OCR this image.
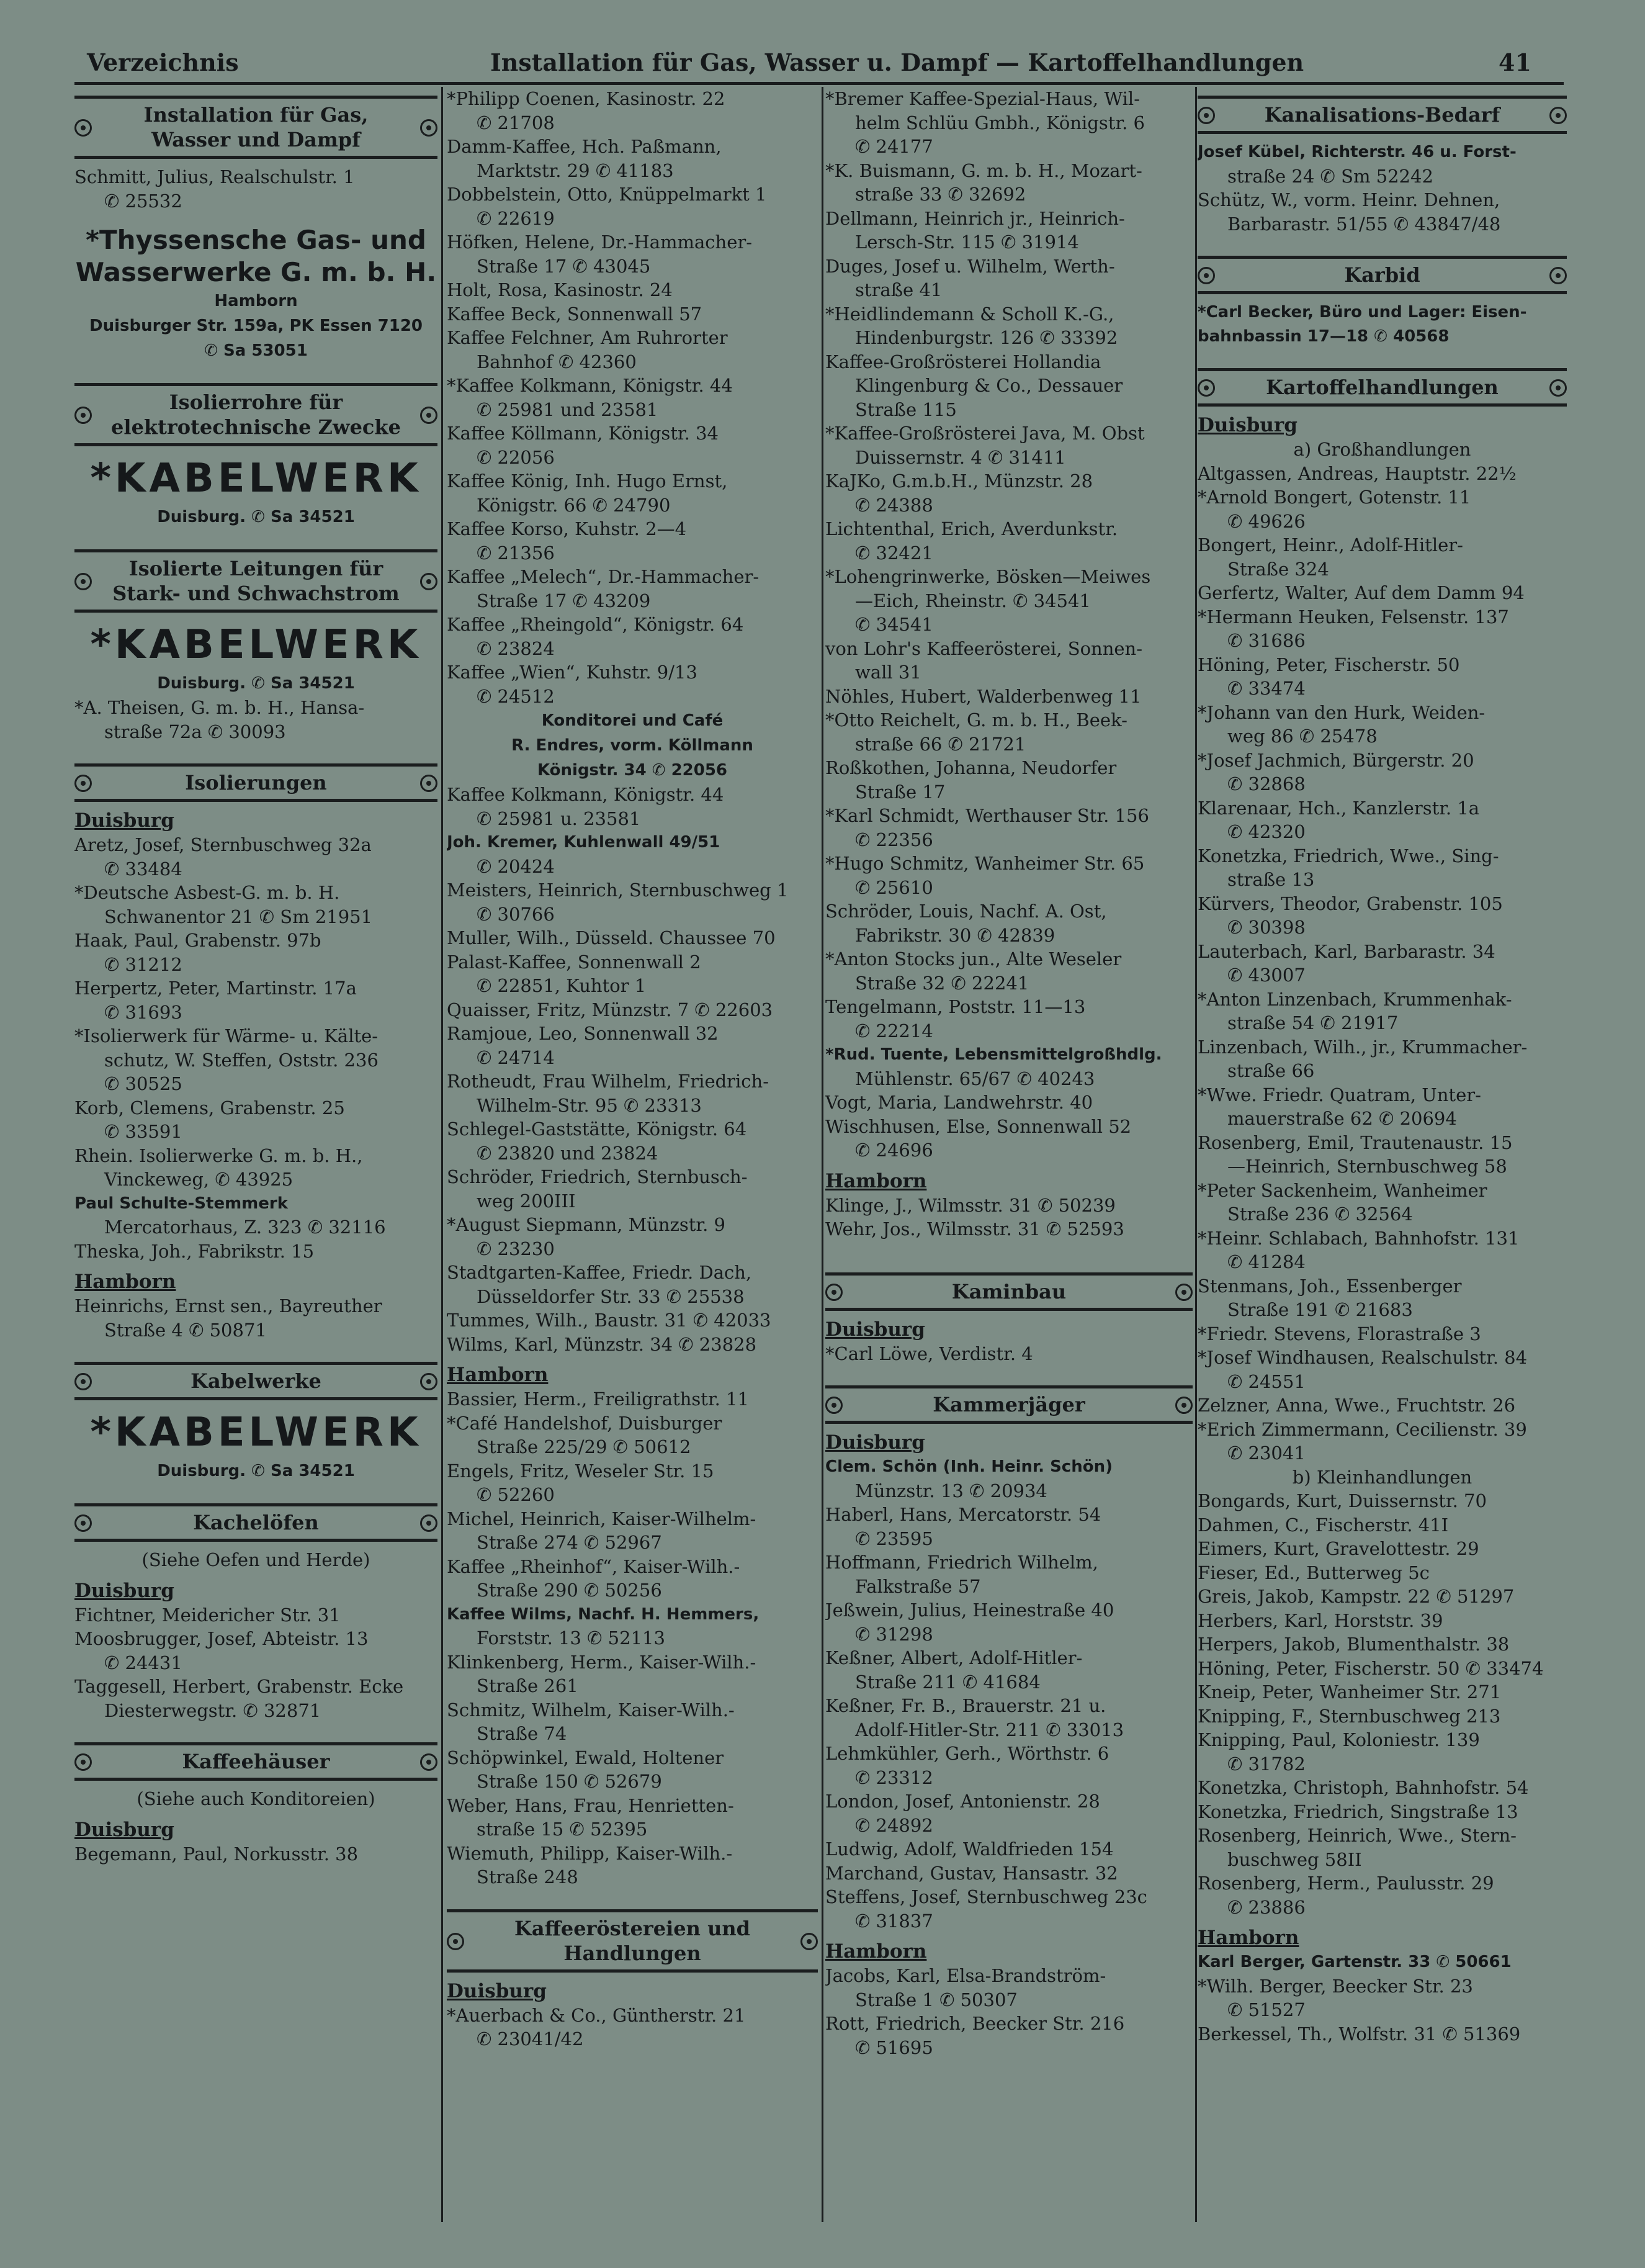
Verzeichnis	Installation für Gas, Wasser u. Dampf — Kartoffelhandlungen	41
Installation für Gas,
Wasser und Dampf
Schmitt, Julius, Realschulstr. 1
✆ 25532
*Thyssensche Gas- und
Wasserwerke G. m. b. H.
Hamborn
Duisburger Str. 159a, PK Essen 7120
✆ Sa 53051
Isolierrohre für
elektrotechnische Zwecke
*KABELWERK
Duisburg. ✆ Sa 34521
Isolierte Leitungen für
Stark- und Schwachstrom
*KABELWERK
Duisburg. ✆ Sa 34521
*A. Theisen, G. m. b. H., Hansa-
straße 72a ✆ 30093
Isolierungen
Duisburg
Aretz, Josef, Sternbuschweg 32a
✆ 33484
*Deutsche Asbest-G. m. b. H.
Schwanentor 21 ✆ Sm 21951
Haak, Paul, Grabenstr. 97b
✆ 31212
Herpertz, Peter, Martinstr. 17a
✆ 31693
*Isolierwerk für Wärme- u. Kälte-
schutz, W. Steffen, Oststr. 236
✆ 30525
Korb, Clemens, Grabenstr. 25
✆ 33591
Rhein. Isolierwerke G. m. b. H.,
Vinckeweg, ✆ 43925
Paul Schulte-Stemmerk
Mercatorhaus, Z. 323 ✆ 32116
Theska, Joh., Fabrikstr. 15
Hamborn
Heinrichs, Ernst sen., Bayreuther
Straße 4 ✆ 50871
Kabelwerke
*KABELWERK
Duisburg. ✆ Sa 34521
Kachelöfen
(Siehe Oefen und Herde)
Duisburg
Fichtner, Meidericher Str. 31
Moosbrugger, Josef, Abteistr. 13
✆ 24431
Taggesell, Herbert, Grabenstr. Ecke
Diesterwegstr. ✆ 32871
Kaffeehäuser
(Siehe auch Konditoreien)
Duisburg
Begemann, Paul, Norkusstr. 38
*Philipp Coenen, Kasinostr. 22
✆ 21708
Damm-Kaffee, Hch. Paßmann,
Marktstr. 29 ✆ 41183
Dobbelstein, Otto, Knüppelmarkt 1
✆ 22619
Höfken, Helene, Dr.-Hammacher-
Straße 17 ✆ 43045
Holt, Rosa, Kasinostr. 24
Kaffee Beck, Sonnenwall 57
Kaffee Felchner, Am Ruhrorter
Bahnhof ✆ 42360
*Kaffee Kolkmann, Königstr. 44
✆ 25981 und 23581
Kaffee Köllmann, Königstr. 34
✆ 22056
Kaffee König, Inh. Hugo Ernst,
Königstr. 66 ✆ 24790
Kaffee Korso, Kuhstr. 2—4
✆ 21356
Kaffee „Melech“, Dr.-Hammacher-
Straße 17 ✆ 43209
Kaffee „Rheingold“, Königstr. 64
✆ 23824
Kaffee „Wien“, Kuhstr. 9/13
✆ 24512
Konditorei und Café
R. Endres, vorm. Köllmann
Königstr. 34 ✆ 22056
Kaffee Kolkmann, Königstr. 44
✆ 25981 u. 23581
Joh. Kremer, Kuhlenwall 49/51
✆ 20424
Meisters, Heinrich, Sternbuschweg 1
✆ 30766
Muller, Wilh., Düsseld. Chaussee 70
Palast-Kaffee, Sonnenwall 2
✆ 22851, Kuhtor 1
Quaisser, Fritz, Münzstr. 7 ✆ 22603
Ramjoue, Leo, Sonnenwall 32
✆ 24714
Rotheudt, Frau Wilhelm, Friedrich-
Wilhelm-Str. 95 ✆ 23313
Schlegel-Gaststätte, Königstr. 64
✆ 23820 und 23824
Schröder, Friedrich, Sternbusch-
weg 200III
*August Siepmann, Münzstr. 9
✆ 23230
Stadtgarten-Kaffee, Friedr. Dach,
Düsseldorfer Str. 33 ✆ 25538
Tummes, Wilh., Baustr. 31 ✆ 42033
Wilms, Karl, Münzstr. 34 ✆ 23828
Hamborn
Bassier, Herm., Freiligrathstr. 11
*Café Handelshof, Duisburger
Straße 225/29 ✆ 50612
Engels, Fritz, Weseler Str. 15
✆ 52260
Michel, Heinrich, Kaiser-Wilhelm-
Straße 274 ✆ 52967
Kaffee „Rheinhof“, Kaiser-Wilh.-
Straße 290 ✆ 50256
Kaffee Wilms, Nachf. H. Hemmers,
Forststr. 13 ✆ 52113
Klinkenberg, Herm., Kaiser-Wilh.-
Straße 261
Schmitz, Wilhelm, Kaiser-Wilh.-
Straße 74
Schöpwinkel, Ewald, Holtener
Straße 150 ✆ 52679
Weber, Hans, Frau, Henrietten-
straße 15 ✆ 52395
Wiemuth, Philipp, Kaiser-Wilh.-
Straße 248
Kaffeeröstereien und
Handlungen
Duisburg
*Auerbach & Co., Güntherstr. 21
✆ 23041/42
*Bremer Kaffee-Spezial-Haus, Wil-
helm Schlüu Gmbh., Königstr. 6
✆ 24177
*K. Buismann, G. m. b. H., Mozart-
straße 33 ✆ 32692
Dellmann, Heinrich jr., Heinrich-
Lersch-Str. 115 ✆ 31914
Duges, Josef u. Wilhelm, Werth-
straße 41
*Heidlindemann & Scholl K.-G.,
Hindenburgstr. 126 ✆ 33392
Kaffee-Großrösterei Hollandia
Klingenburg & Co., Dessauer
Straße 115
*Kaffee-Großrösterei Java, M. Obst
Duissernstr. 4 ✆ 31411
KaJKo, G.m.b.H., Münzstr. 28
✆ 24388
Lichtenthal, Erich, Averdunkstr.
✆ 32421
*Lohengrinwerke, Bösken—Meiwes
—Eich, Rheinstr. ✆ 34541
✆ 34541
von Lohr's Kaffeerösterei, Sonnen-
wall 31
Nöhles, Hubert, Walderbenweg 11
*Otto Reichelt, G. m. b. H., Beek-
straße 66 ✆ 21721
Roßkothen, Johanna, Neudorfer
Straße 17
*Karl Schmidt, Werthauser Str. 156
✆ 22356
*Hugo Schmitz, Wanheimer Str. 65
✆ 25610
Schröder, Louis, Nachf. A. Ost,
Fabrikstr. 30 ✆ 42839
*Anton Stocks jun., Alte Weseler
Straße 32 ✆ 22241
Tengelmann, Poststr. 11—13
✆ 22214
*Rud. Tuente, Lebensmittelgroßhdlg.
Mühlenstr. 65/67 ✆ 40243
Vogt, Maria, Landwehrstr. 40
Wischhusen, Else, Sonnenwall 52
✆ 24696
Hamborn
Klinge, J., Wilmsstr. 31 ✆ 50239
Wehr, Jos., Wilmsstr. 31 ✆ 52593
Kaminbau
Duisburg
*Carl Löwe, Verdistr. 4
Kammerjäger
Duisburg
Clem. Schön (Inh. Heinr. Schön)
Münzstr. 13 ✆ 20934
Haberl, Hans, Mercatorstr. 54
✆ 23595
Hoffmann, Friedrich Wilhelm,
Falkstraße 57
Jeßwein, Julius, Heinestraße 40
✆ 31298
Keßner, Albert, Adolf-Hitler-
Straße 211 ✆ 41684
Keßner, Fr. B., Brauerstr. 21 u.
Adolf-Hitler-Str. 211 ✆ 33013
Lehmkühler, Gerh., Wörthstr. 6
✆ 23312
London, Josef, Antonienstr. 28
✆ 24892
Ludwig, Adolf, Waldfrieden 154
Marchand, Gustav, Hansastr. 32
Steffens, Josef, Sternbuschweg 23c
✆ 31837
Hamborn
Jacobs, Karl, Elsa-Brandström-
Straße 1 ✆ 50307
Rott, Friedrich, Beecker Str. 216
✆ 51695
Kanalisations-Bedarf
Josef Kübel, Richterstr. 46 u. Forst-
straße 24 ✆ Sm 52242
Schütz, W., vorm. Heinr. Dehnen,
Barbarastr. 51/55 ✆ 43847/48
Karbid
*Carl Becker, Büro und Lager: Eisen-
bahnbassin 17—18 ✆ 40568
Kartoffelhandlungen
Duisburg
a) Großhandlungen
Altgassen, Andreas, Hauptstr. 22½
*Arnold Bongert, Gotenstr. 11
✆ 49626
Bongert, Heinr., Adolf-Hitler-
Straße 324
Gerfertz, Walter, Auf dem Damm 94
*Hermann Heuken, Felsenstr. 137
✆ 31686
Höning, Peter, Fischerstr. 50
✆ 33474
*Johann van den Hurk, Weiden-
weg 86 ✆ 25478
*Josef Jachmich, Bürgerstr. 20
✆ 32868
Klarenaar, Hch., Kanzlerstr. 1a
✆ 42320
Konetzka, Friedrich, Wwe., Sing-
straße 13
Kürvers, Theodor, Grabenstr. 105
✆ 30398
Lauterbach, Karl, Barbarastr. 34
✆ 43007
*Anton Linzenbach, Krummenhak-
straße 54 ✆ 21917
Linzenbach, Wilh., jr., Krummacher-
straße 66
*Wwe. Friedr. Quatram, Unter-
mauerstraße 62 ✆ 20694
Rosenberg, Emil, Trautenaustr. 15
—Heinrich, Sternbuschweg 58
*Peter Sackenheim, Wanheimer
Straße 236 ✆ 32564
*Heinr. Schlabach, Bahnhofstr. 131
✆ 41284
Stenmans, Joh., Essenberger
Straße 191 ✆ 21683
*Friedr. Stevens, Florastraße 3
*Josef Windhausen, Realschulstr. 84
✆ 24551
Zelzner, Anna, Wwe., Fruchtstr. 26
*Erich Zimmermann, Cecilienstr. 39
✆ 23041
b) Kleinhandlungen
Bongards, Kurt, Duissernstr. 70
Dahmen, C., Fischerstr. 41I
Eimers, Kurt, Gravelottestr. 29
Fieser, Ed., Butterweg 5c
Greis, Jakob, Kampstr. 22 ✆ 51297
Herbers, Karl, Horststr. 39
Herpers, Jakob, Blumenthalstr. 38
Höning, Peter, Fischerstr. 50 ✆ 33474
Kneip, Peter, Wanheimer Str. 271
Knipping, F., Sternbuschweg 213
Knipping, Paul, Koloniestr. 139
✆ 31782
Konetzka, Christoph, Bahnhofstr. 54
Konetzka, Friedrich, Singstraße 13
Rosenberg, Heinrich, Wwe., Stern-
buschweg 58II
Rosenberg, Herm., Paulusstr. 29
✆ 23886
Hamborn
Karl Berger, Gartenstr. 33 ✆ 50661
*Wilh. Berger, Beecker Str. 23
✆ 51527
Berkessel, Th., Wolfstr. 31 ✆ 51369
